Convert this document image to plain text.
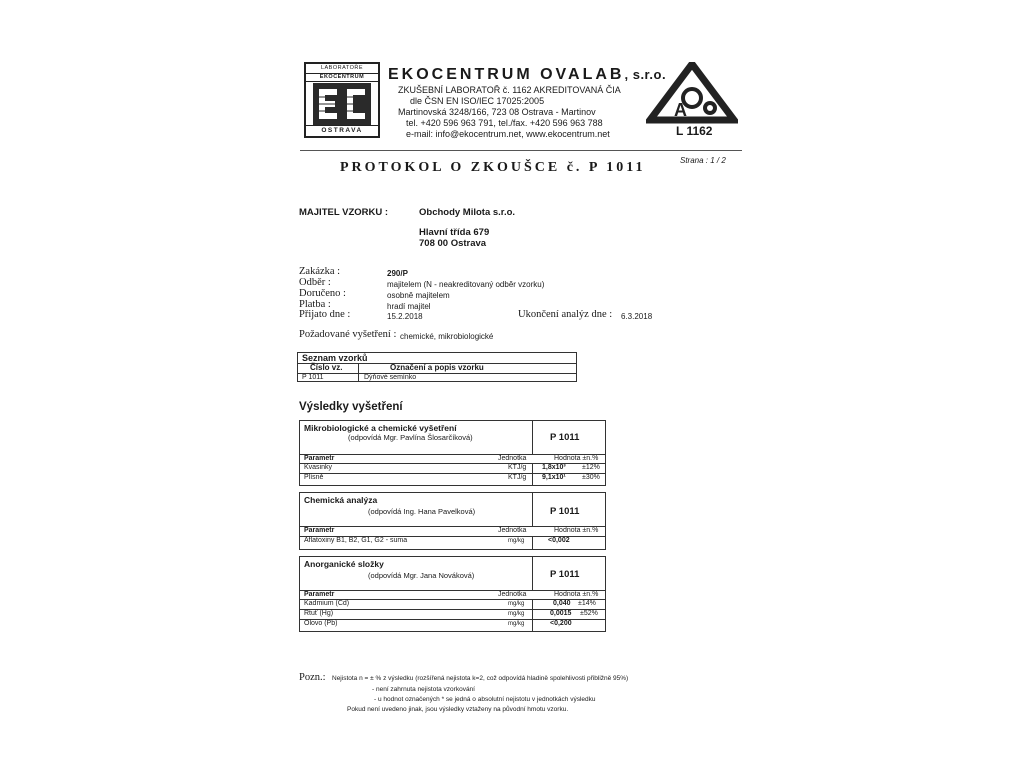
LABORATOŘE
EKOCENTRUM
OSTRAVA
EKOCENTRUM OVALAB, s.r.o.
ZKUŠEBNÍ LABORATOŘ č. 1162 AKREDITOVANÁ ČIA
dle ČSN EN ISO/IEC 17025:2005
Martinovská 3248/166, 723 08 Ostrava - Martinov
tel. +420 596 963 791, tel./fax. +420 596 963 788
e-mail: info@ekocentrum.net, www.ekocentrum.net
A
L 1162
Strana : 1 / 2
PROTOKOL O ZKOUŠCE č. P 1011
MAJITEL VZORKU :	Obchody Milota s.r.o.
Hlavní třída 679
708 00 Ostrava
Zakázka :	290/P
Odběr :	majitelem (N - neakreditovaný odběr vzorku)
Doručeno :	osobně majitelem
Platba :	hradí majitel
Přijato dne :	15.2.2018	Ukončení analýz dne : 6.3.2018
Požadované vyšetření : chemické, mikrobiologické
Seznam vzorků
Číslo vz.	Označení a popis vzorku
P 1011	Dýňové semínko
Výsledky vyšetření
Mikrobiologické a chemické vyšetření
(odpovídá Mgr. Pavlína Šlosarčíková)	P 1011
Parametr	Jednotka	Hodnota ±n.%
Kvasinky	KTJ/g 1,8x10³ ±12%
Plísně	KTJ/g 9,1x10¹ ±30%
Chemická analýza
(odpovídá Ing. Hana Pavelková)	P 1011
Parametr	Jednotka	Hodnota ±n.%
Aflatoxiny B1, B2, G1, G2 - suma	mg/kg	<0,002
Anorganické složky
(odpovídá Mgr. Jana Nováková)	P 1011
Parametr	Jednotka	Hodnota ±n.%
Kadmium (Cd)	mg/kg	0,040 ±14%
Rtuť (Hg)	mg/kg	0,0015 ±52%
Olovo (Pb)	mg/kg	<0,200
Pozn.: Nejistota n = ± % z výsledku (rozšířená nejistota k=2, což odpovídá hladině spolehlivosti přibližně 95%)
- není zahrnuta nejistota vzorkování
- u hodnot označených * se jedná o absolutní nejistotu v jednotkách výsledku
Pokud není uvedeno jinak, jsou výsledky vztaženy na původní hmotu vzorku.
